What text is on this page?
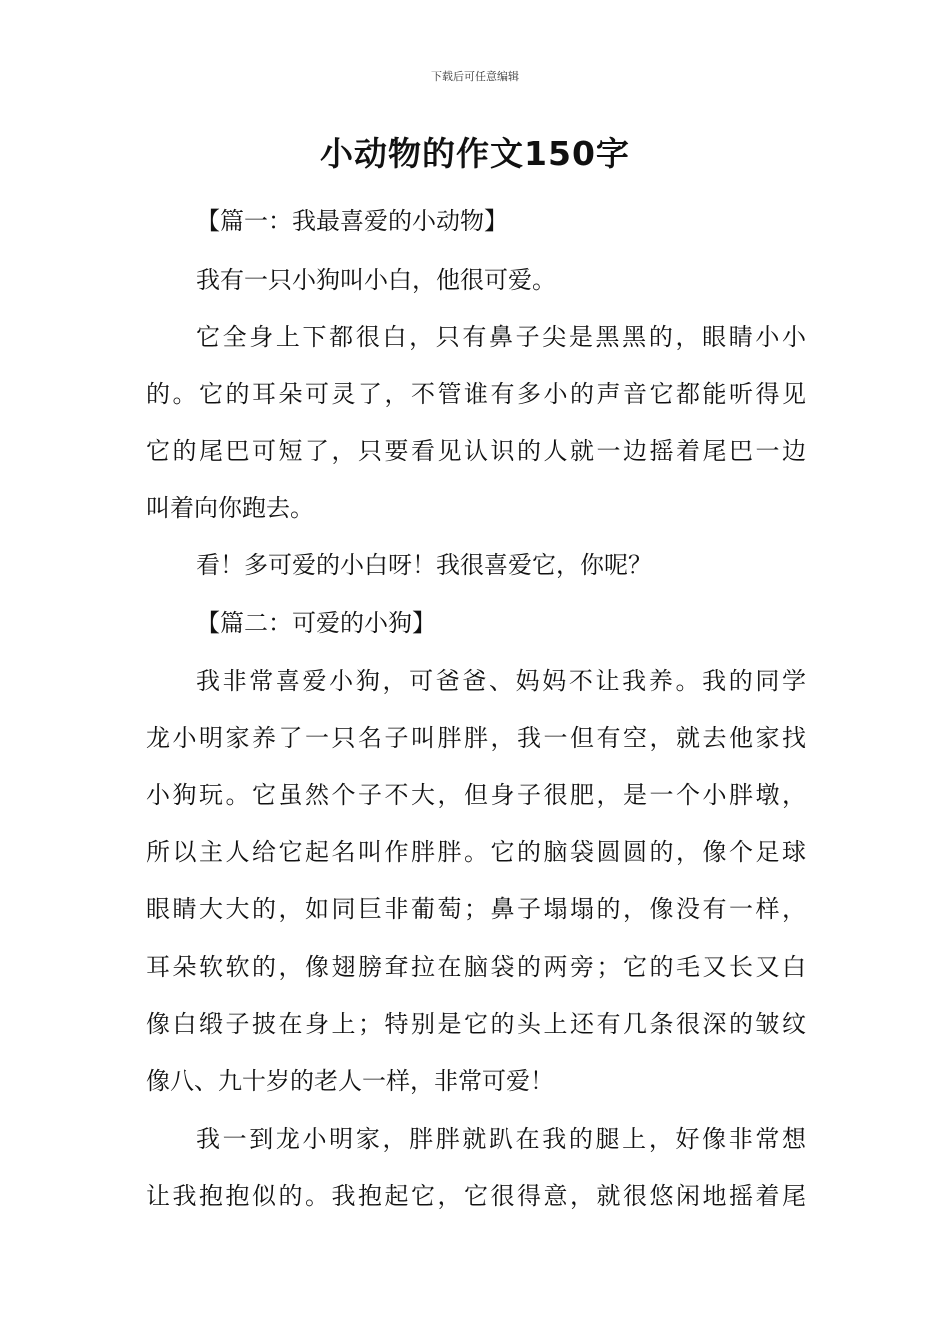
下载后可任意编辑
小动物的作文150字
【篇一：我最喜爱的小动物】
我有一只小狗叫小白，他很可爱。
它全身上下都很白，只有鼻子尖是黑黑的，眼睛小小
的。它的耳朵可灵了，不管谁有多小的声音它都能听得见
它的尾巴可短了，只要看见认识的人就一边摇着尾巴一边
叫着向你跑去。
看！多可爱的小白呀！我很喜爱它，你呢？
【篇二：可爱的小狗】
我非常喜爱小狗，可爸爸、妈妈不让我养。我的同学
龙小明家养了一只名子叫胖胖，我一但有空，就去他家找
小狗玩。它虽然个子不大，但身子很肥，是一个小胖墩，
所以主人给它起名叫作胖胖。它的脑袋圆圆的，像个足球
眼睛大大的，如同巨非葡萄；鼻子塌塌的，像没有一样，
耳朵软软的，像翅膀耷拉在脑袋的两旁；它的毛又长又白
像白缎子披在身上；特别是它的头上还有几条很深的皱纹
像八、九十岁的老人一样，非常可爱！
我一到龙小明家，胖胖就趴在我的腿上，好像非常想
让我抱抱似的。我抱起它，它很得意，就很悠闲地摇着尾
